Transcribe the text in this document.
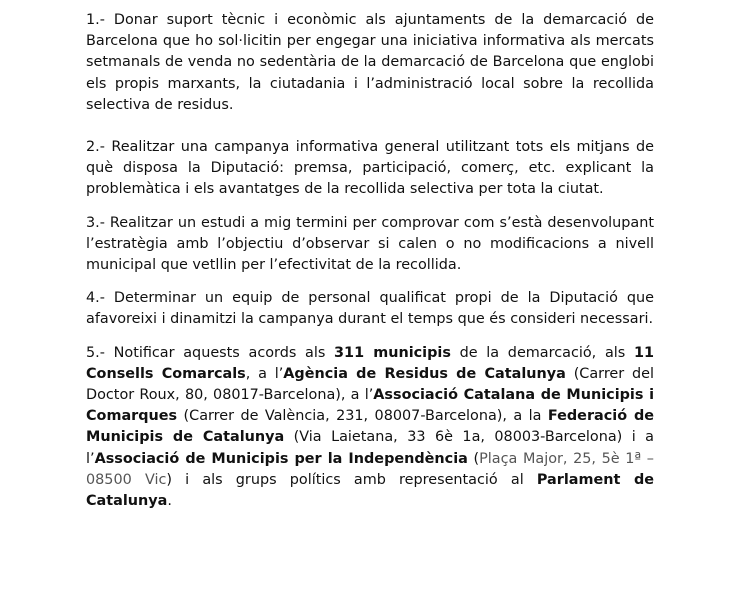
1.- Donar suport tècnic i econòmic als ajuntaments de la demarcació de Barcelona que ho sol·licitin per engegar una iniciativa informativa als mercats setmanals de venda no sedentària de la demarcació de Barcelona que englobi els propis marxants, la ciutadania i l’administració local sobre la recollida selectiva de residus.

2.- Realitzar una campanya informativa general utilitzant tots els mitjans de què disposa la Diputació: premsa, participació, comerç, etc. explicant la problemàtica i els avantatges de la recollida selectiva per tota la ciutat.

3.- Realitzar un estudi a mig termini per comprovar com s’està desenvolupant l’estratègia amb l’objectiu d’observar si calen o no modificacions a nivell municipal que vetllin per l’efectivitat de la recollida.

4.- Determinar un equip de personal qualificat propi de la Diputació que afavoreixi i dinamitzi la campanya durant el temps que és consideri necessari.

5.- Notificar aquests acords als 311 municipis de la demarcació, als 11 Consells Comarcals, a l’Agència de Residus de Catalunya (Carrer del Doctor Roux, 80, 08017-Barcelona), a l’Associació Catalana de Municipis i Comarques (Carrer de València, 231, 08007-Barcelona), a la Federació de Municipis de Catalunya (Via Laietana, 33 6è 1a, 08003-Barcelona) i a l’Associació de Municipis per la Independència (Plaça Major, 25, 5è 1ª – 08500 Vic) i als grups polítics amb representació al Parlament de Catalunya.
